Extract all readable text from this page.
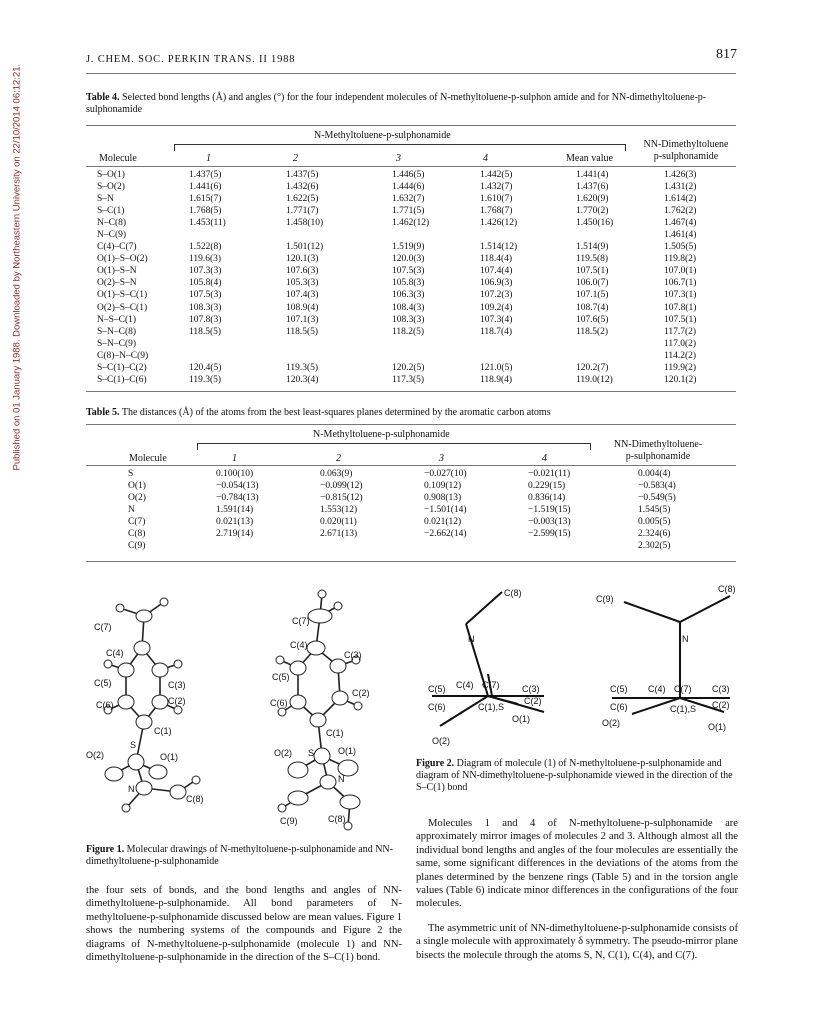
Published on 01 January 1988. Downloaded by Northeastern University on 22/10/2014 06:12:21.
J. CHEM. SOC. PERKIN TRANS. II 1988	817
Table 4. Selected bond lengths (Å) and angles (°) for the four independent molecules of N-methyltoluene-p-sulphon amide and for NN-dimethyltoluene-p-sulphonamide
N-Methyltoluene-p-sulphonamide
NN-Dimethyltoluene
p-sulphonamide
Molecule	1	2	3	4	Mean value
S–O(1)	1.437(5)	1.437(5)	1.446(5)	1.442(5)	1.441(4)	1.426(3)
S–O(2)	1.441(6)	1.432(6)	1.444(6)	1.432(7)	1.437(6)	1.431(2)
S–N	1.615(7)	1.622(5)	1.632(7)	1.610(7)	1.620(9)	1.614(2)
S–C(1)	1.768(5)	1.771(7)	1.771(5)	1.768(7)	1.770(2)	1.762(2)
N–C(8)	1.453(11)	1.458(10)	1.462(12)	1.426(12)	1.450(16)	1.467(4)
N–C(9)						1.461(4)
C(4)–C(7)	1.522(8)	1.501(12)	1.519(9)	1.514(12)	1.514(9)	1.505(5)
O(1)–S–O(2)	119.6(3)	120.1(3)	120.0(3)	118.4(4)	119.5(8)	119.8(2)
O(1)–S–N	107.3(3)	107.6(3)	107.5(3)	107.4(4)	107.5(1)	107.0(1)
O(2)–S–N	105.8(4)	105.3(3)	105.8(3)	106.9(3)	106.0(7)	106.7(1)
O(1)–S–C(1)	107.5(3)	107.4(3)	106.3(3)	107.2(3)	107.1(5)	107.3(1)
O(2)–S–C(1)	108.3(3)	108.9(4)	108.4(3)	109.2(4)	108.7(4)	107.8(1)
N–S–C(1)	107.8(3)	107.1(3)	108.3(3)	107.3(4)	107.6(5)	107.5(1)
S–N–C(8)	118.5(5)	118.5(5)	118.2(5)	118.7(4)	118.5(2)	117.7(2)
S–N–C(9)						117.0(2)
C(8)–N–C(9)						114.2(2)
S–C(1)–C(2)	120.4(5)	119.3(5)	120.2(5)	121.0(5)	120.2(7)	119.9(2)
S–C(1)–C(6)	119.3(5)	120.3(4)	117.3(5)	118.9(4)	119.0(12)	120.1(2)
Table 5. The distances (Å) of the atoms from the best least-squares planes determined by the aromatic carbon atoms
N-Methyltoluene-p-sulphonamide
NN-Dimethyltoluene-
p-sulphonamide
Molecule	1	2	3	4
S	0.100(10)	0.063(9)	−0.027(10)	−0.021(11)	0.004(4)
O(1)	−0.054(13)	−0.099(12)	0.109(12)	0.229(15)	−0.583(4)
O(2)	−0.784(13)	−0.815(12)	0.908(13)	0.836(14)	−0.549(5)
N	1.591(14)	1.553(12)	−1.501(14)	−1.519(15)	1.545(5)
C(7)	0.021(13)	0.020(11)	0.021(12)	−0.003(13)	0.005(5)
C(8)	2.719(14)	2.671(13)	−2.662(14)	−2.599(15)	2.324(6)
C(9)					2.302(5)
C(7)
C(4)
C(5)	C(3)
C(6)	C(2)
C(1)
O(2)
S
O(1)
N
C(8)
C(7)
C(4)
C(3)
C(5)
C(2)
C(6)
C(1)
O(2) S	O(1)
N
C(9)	C(8)
Figure 1. Molecular drawings of N-methyltoluene-p-sulphonamide and NN-dimethyltoluene-p-sulphonamide
C(8)
N
C(5) C(4) C(7)	C(3)
C(6)
C(2)
C(1),S
O(1)
O(2)
C(9)
C(8)
N
C(5) C(4) C(7) C(3)
C(6)	C(1),S C(2)
O(2)	O(1)
Figure 2. Diagram of molecule (1) of N-methyltoluene-p-sulphonamide and diagram of NN-dimethyltoluene-p-sulphonamide viewed in the direction of the S–C(1) bond
the four sets of bonds, and the bond lengths and angles of NN-dimethyltoluene-p-sulphonamide. All bond parameters of N-methyltoluene-p-sulphonamide discussed below are mean values. Figure 1 shows the numbering systems of the compounds and Figure 2 the diagrams of N-methyltoluene-p-sulphonamide (molecule 1) and NN-dimethyltoluene-p-sulphonamide in the direction of the S–C(1) bond.
Molecules 1 and 4 of N-methyltoluene-p-sulphonamide are approximately mirror images of molecules 2 and 3. Although almost all the individual bond lengths and angles of the four molecules are essentially the same, some significant differences in the deviations of the atoms from the planes determined by the benzene rings (Table 5) and in the torsion angle values (Table 6) indicate minor differences in the configurations of the four molecules.
The asymmetric unit of NN-dimethyltoluene-p-sulphonamide consists of a single molecule with approximately δ symmetry. The pseudo-mirror plane bisects the molecule through the atoms S, N, C(1), C(4), and C(7).
